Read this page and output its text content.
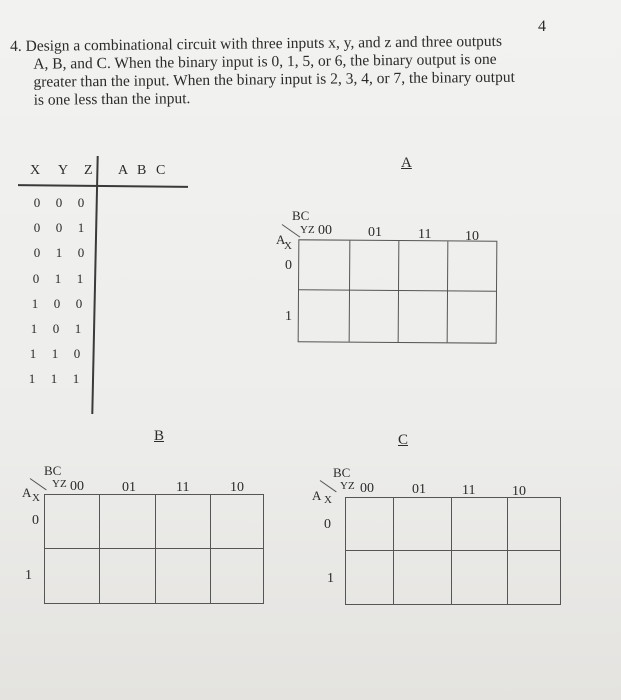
4
4. Design a combinational circuit with three inputs x, y, and z and three outputs
A, B, and C. When the binary input is 0, 1, 5, or 6, the binary output is one
greater than the input. When the binary input is 2, 3, 4, or 7, the binary output
is one less than the input.
X Y Z A B C
0	0	0
0	0	1
0	1	0
0	1	1
1	0	0
1	0	1
1	1	0
1	1	1
A
BC
YZ
A
X
00	01	11 10
0
1
B
BC
YZ
A X
00	01	11	10
0
1
C
BC
YZ
A X
00	01	11	10
0
1
